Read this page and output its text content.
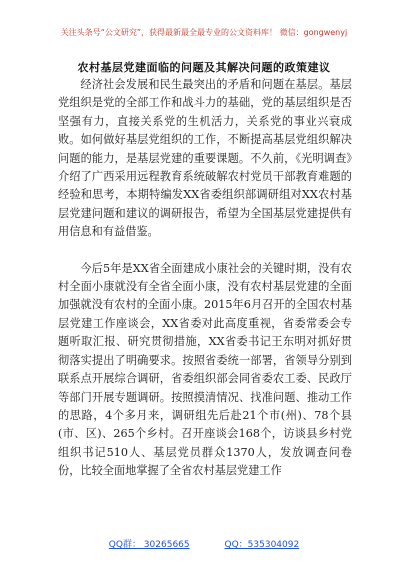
关注头条号“公文研究”，获得最新最全最专业的公文资料库！ 微信：gongwenyj
农村基层党建面临的问题及其解决问题的政策建议

经济社会发展和民生最突出的矛盾和问题在基层。基层党组织是党的全部工作和战斗力的基础，党的基层组织是否坚强有力，直接关系党的生机活力，关系党的事业兴衰成败。如何做好基层党组织的工作，不断提高基层党组织解决问题的能力，是基层党建的重要课题。不久前，《光明调查》介绍了广西采用远程教育系统破解农村党员干部教育难题的经验和思考，本期特编发XX省委组织部调研组对XX农村基层党建问题和建议的调研报告，希望为全国基层党建提供有用信息和有益借鉴。

今后5年是XX省全面建成小康社会的关键时期，没有农村全面小康就没有全省全面小康，没有农村基层党建的全面加强就没有农村的全面小康。2015年6月召开的全国农村基层党建工作座谈会，XX省委对此高度重视，省委常委会专题听取汇报、研究贯彻措施，XX省委书记王东明对抓好贯彻落实提出了明确要求。按照省委统一部署，省领导分别到联系点开展综合调研，省委组织部会同省委农工委、民政厅等部门开展专题调研。按照摸清情况、找准问题、推动工作的思路，4个多月来，调研组先后赴21个市(州)、78个县(市、区)、265个乡村。召开座谈会168个，访谈县乡村党组织书记510人、基层党员群众1370人，发放调查问卷份，比较全面地掌握了全省农村基层党建工作

QQ群： 30265665	QQ：535304092
